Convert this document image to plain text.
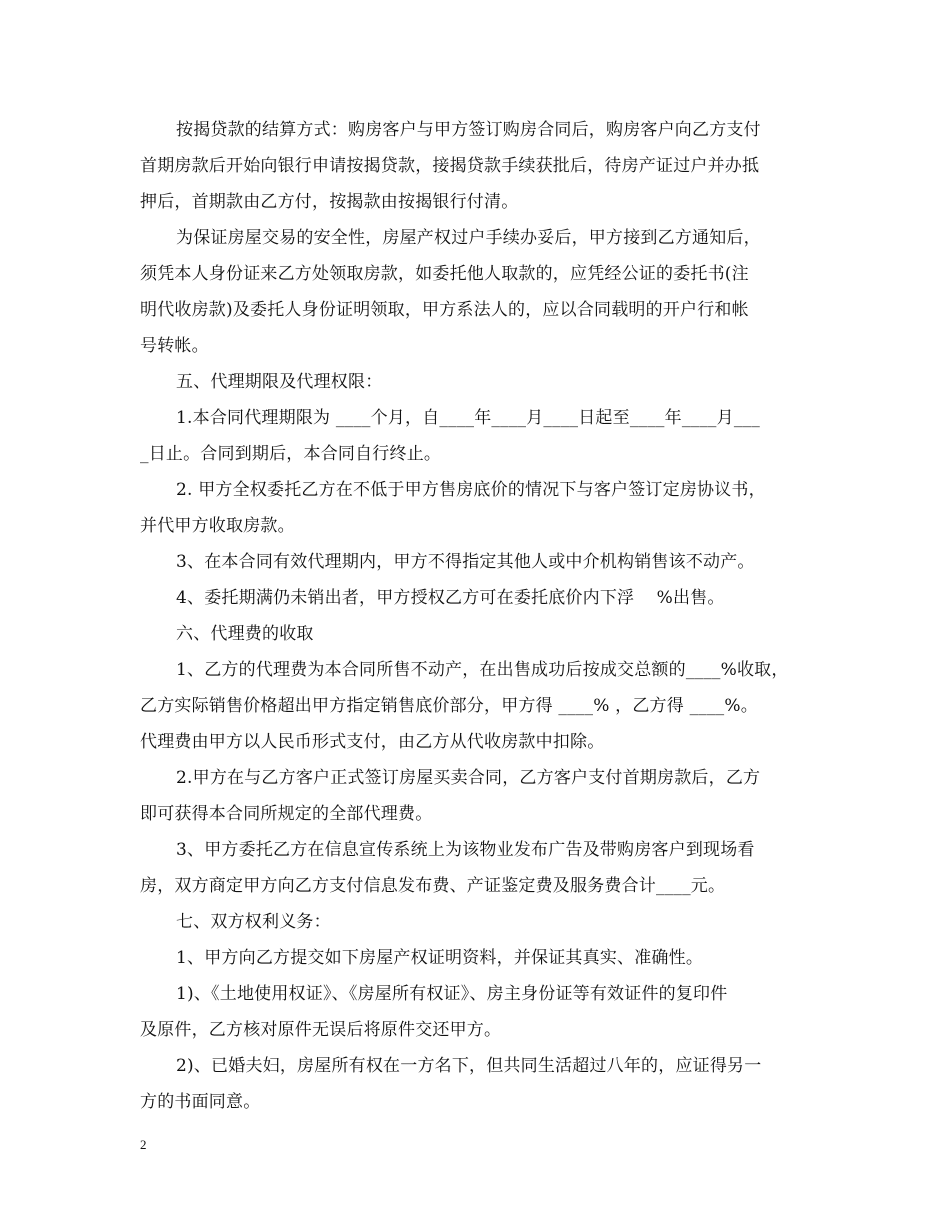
按揭贷款的结算方式：购房客户与甲方签订购房合同后，购房客户向乙方支付
首期房款后开始向银行申请按揭贷款，接揭贷款手续获批后，待房产证过户并办抵
押后，首期款由乙方付，按揭款由按揭银行付清。
为保证房屋交易的安全性，房屋产权过户手续办妥后，甲方接到乙方通知后，
须凭本人身份证来乙方处领取房款，如委托他人取款的，应凭经公证的委托书(注
明代收房款)及委托人身份证明领取，甲方系法人的，应以合同载明的开户行和帐
号转帐。
五、代理期限及代理权限：
1.本合同代理期限为 ____个月，自____年____月____日起至____年____月___
_日止。合同到期后，本合同自行终止。
2. 甲方全权委托乙方在不低于甲方售房底价的情况下与客户签订定房协议书，
并代甲方收取房款。
3、在本合同有效代理期内，甲方不得指定其他人或中介机构销售该不动产。
4、委托期满仍未销出者，甲方授权乙方可在委托底价内下浮    %出售。
六、代理费的收取
1、乙方的代理费为本合同所售不动产，在出售成功后按成交总额的____%收取，
乙方实际销售价格超出甲方指定销售底价部分，甲方得 ____% ，乙方得 ____%。
代理费由甲方以人民币形式支付，由乙方从代收房款中扣除。
2.甲方在与乙方客户正式签订房屋买卖合同，乙方客户支付首期房款后，乙方
即可获得本合同所规定的全部代理费。
3、甲方委托乙方在信息宣传系统上为该物业发布广告及带购房客户到现场看
房，双方商定甲方向乙方支付信息发布费、产证鉴定费及服务费合计____元。
七、双方权利义务：
1、甲方向乙方提交如下房屋产权证明资料，并保证其真实、准确性。
1)、《土地使用权证》、《房屋所有权证》、房主身份证等有效证件的复印件
及原件，乙方核对原件无误后将原件交还甲方。
2)、已婚夫妇，房屋所有权在一方名下，但共同生活超过八年的，应证得另一
方的书面同意。
2
